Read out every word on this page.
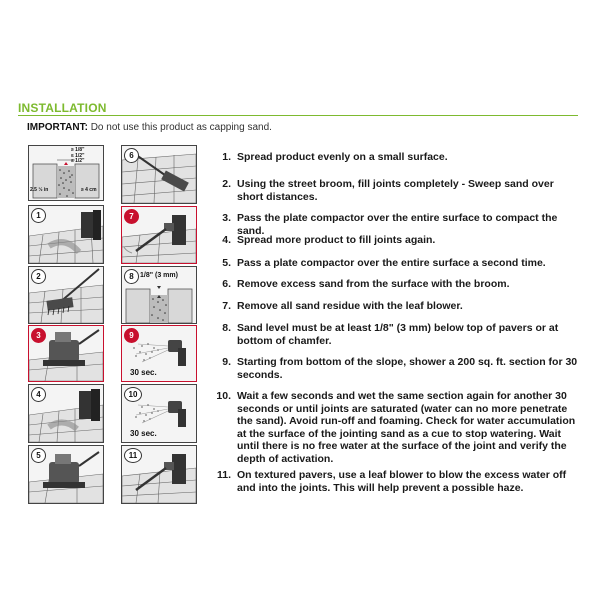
INSTALLATION
IMPORTANT: Do not use this product as capping sand.
≥ 1/8"
≤ 1/2"
≤ 1/2"
2.5 ½ in	≥ 4 cm
1
2
3
4
5
6
7
8 1/8" (3 mm)
9
30 sec.
10
30 sec.
11
1. Spread product evenly on a small surface.
2. Using the street broom, fill joints completely - Sweep sand over short distances.
3. Pass the plate compactor over the entire surface to compact the sand.
4. Spread more product to fill joints again.
5. Pass a plate compactor over the entire surface a second time.
6. Remove excess sand from the surface with the broom.
7. Remove all sand residue with the leaf blower.
8. Sand level must be at least 1/8" (3 mm) below top of pavers or at bottom of chamfer.
9. Starting from bottom of the slope, shower a 200 sq. ft. section for 30 seconds.
10. Wait a few seconds and wet the same section again for another 30 seconds or until joints are saturated (water can no more penetrate the sand). Avoid run-off and foaming. Check for water accumulation at the surface of the jointing sand as a cue to stop watering. Wait until there is no free water at the surface of the joint and verify the depth of activation.
11. On textured pavers, use a leaf blower to blow the excess water off and into the joints. This will help prevent a possible haze.
